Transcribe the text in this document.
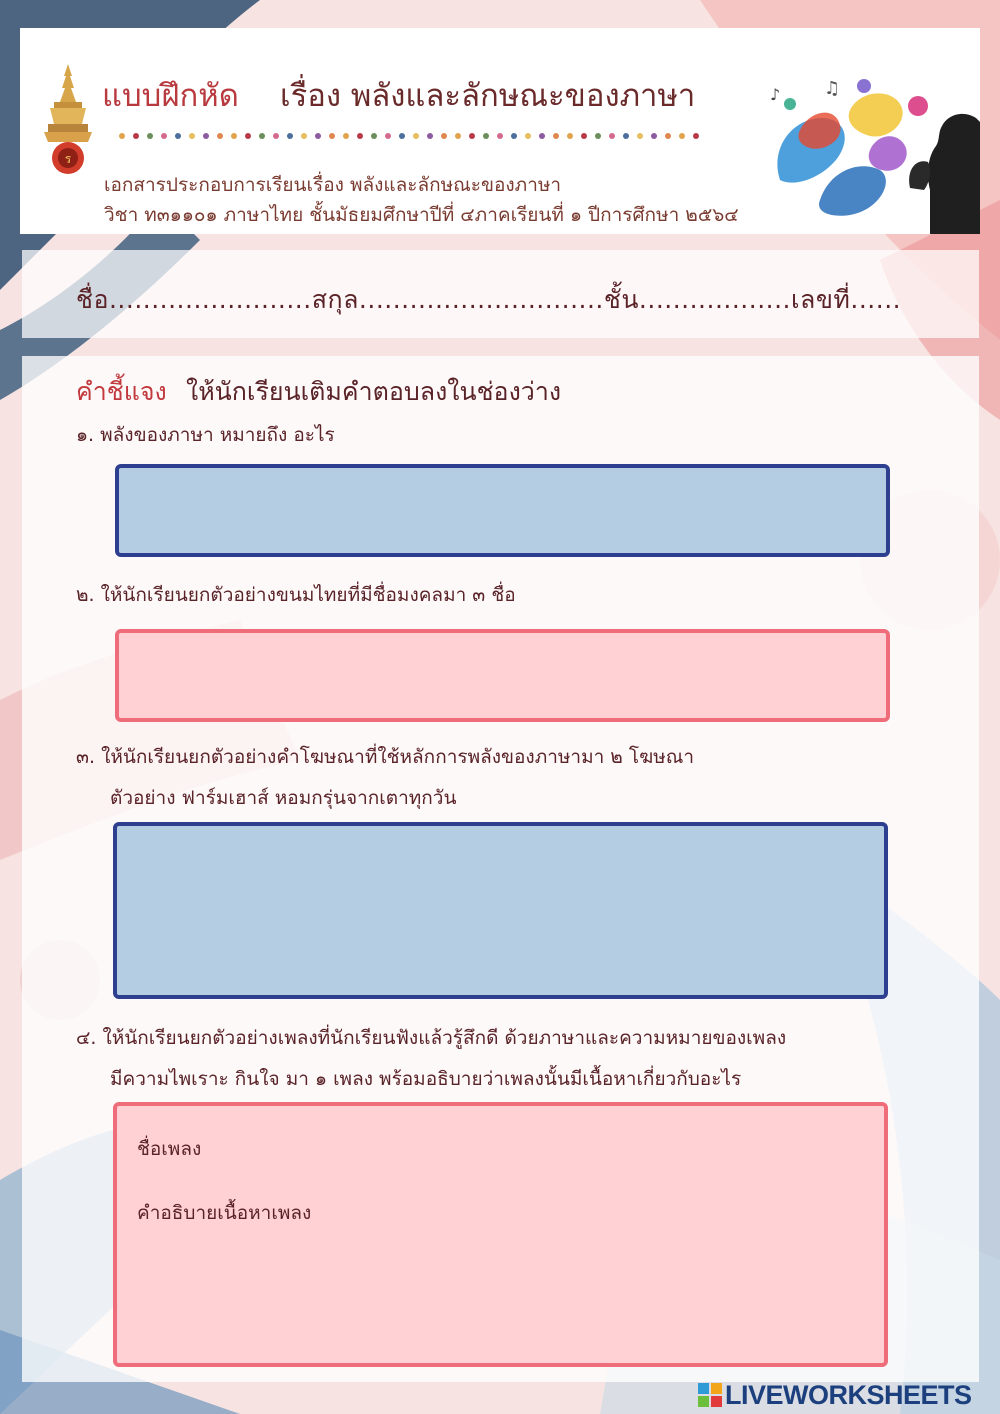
ร
แบบฝึกหัด เรื่อง พลังและลักษณะของภาษา
เอกสารประกอบการเรียนเรื่อง พลังและลักษณะของภาษา
วิชา ท๓๑๑๐๑ ภาษาไทย ชั้นมัธยมศึกษาปีที่ ๔ภาคเรียนที่ ๑ ปีการศึกษา ๒๕๖๔
♪ ♫
ชื่อ........................สกุล.............................ชั้น..................เลขที่......
คำชี้แจง ให้นักเรียนเติมคำตอบลงในช่องว่าง
๑. พลังของภาษา หมายถึง อะไร
๒. ให้นักเรียนยกตัวอย่างขนมไทยที่มีชื่อมงคลมา ๓ ชื่อ
๓. ให้นักเรียนยกตัวอย่างคำโฆษณาที่ใช้หลักการพลังของภาษามา ๒ โฆษณา
ตัวอย่าง ฟาร์มเฮาส์ หอมกรุ่นจากเตาทุกวัน
๔. ให้นักเรียนยกตัวอย่างเพลงที่นักเรียนฟังแล้วรู้สึกดี ด้วยภาษาและความหมายของเพลง
มีความไพเราะ กินใจ มา ๑ เพลง พร้อมอธิบายว่าเพลงนั้นมีเนื้อหาเกี่ยวกับอะไร
ชื่อเพลง
คำอธิบายเนื้อหาเพลง
LIVEWORKSHEETS
